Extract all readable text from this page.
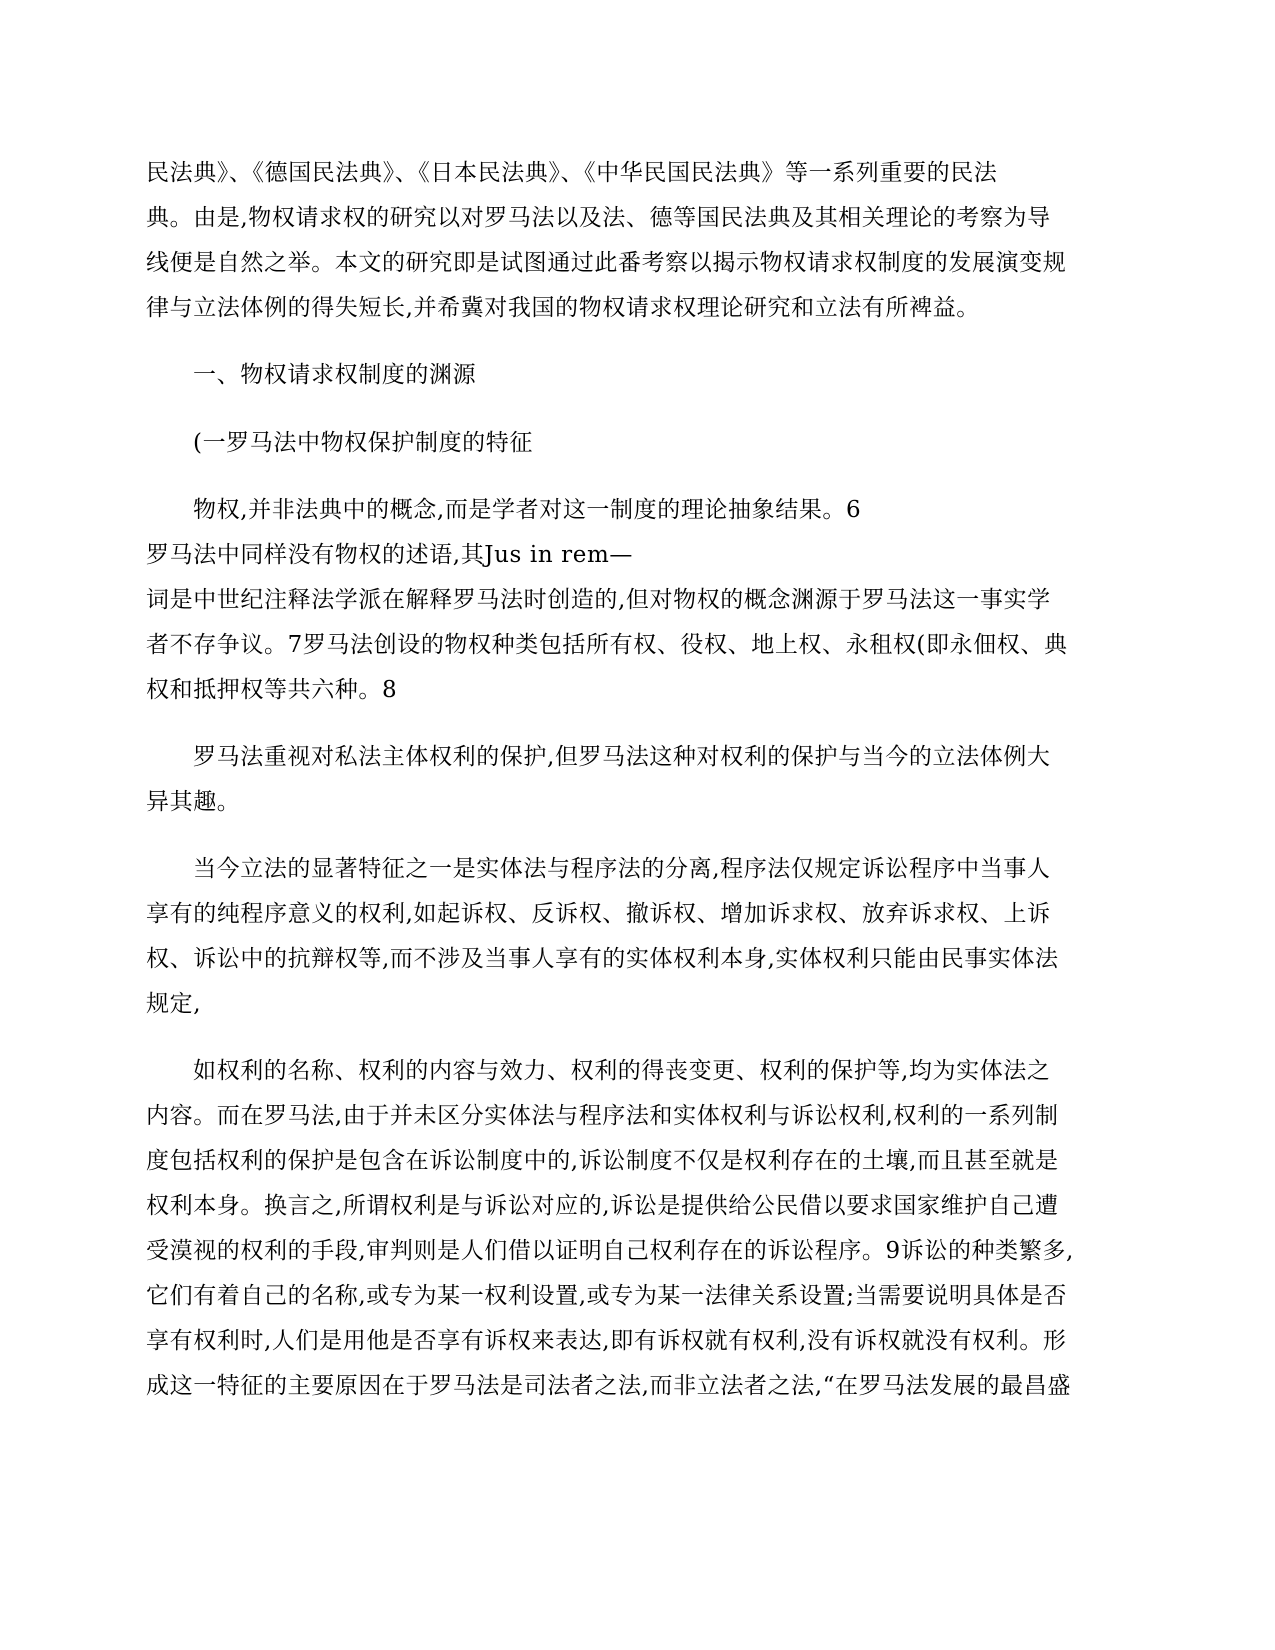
民法典》、《德国民法典》、《日本民法典》、《中华民国民法典》等一系列重要的民法

典。由是,物权请求权的研究以对罗马法以及法、德等国民法典及其相关理论的考察为导

线便是自然之举。本文的研究即是试图通过此番考察以揭示物权请求权制度的发展演变规

律与立法体例的得失短长,并希冀对我国的物权请求权理论研究和立法有所裨益。

一、物权请求权制度的渊源

(一罗马法中物权保护制度的特征

物权,并非法典中的概念,而是学者对这一制度的理论抽象结果。6

罗马法中同样没有物权的述语,其Jus in rem—

词是中世纪注释法学派在解释罗马法时创造的,但对物权的概念渊源于罗马法这一事实学

者不存争议。7罗马法创设的物权种类包括所有权、役权、地上权、永租权(即永佃权、典

权和抵押权等共六种。8

罗马法重视对私法主体权利的保护,但罗马法这种对权利的保护与当今的立法体例大

异其趣。

当今立法的显著特征之一是实体法与程序法的分离,程序法仅规定诉讼程序中当事人

享有的纯程序意义的权利,如起诉权、反诉权、撤诉权、增加诉求权、放弃诉求权、上诉

权、诉讼中的抗辩权等,而不涉及当事人享有的实体权利本身,实体权利只能由民事实体法

规定,

如权利的名称、权利的内容与效力、权利的得丧变更、权利的保护等,均为实体法之

内容。而在罗马法,由于并未区分实体法与程序法和实体权利与诉讼权利,权利的一系列制

度包括权利的保护是包含在诉讼制度中的,诉讼制度不仅是权利存在的土壤,而且甚至就是

权利本身。换言之,所谓权利是与诉讼对应的,诉讼是提供给公民借以要求国家维护自己遭

受漠视的权利的手段,审判则是人们借以证明自己权利存在的诉讼程序。9诉讼的种类繁多,

它们有着自己的名称,或专为某一权利设置,或专为某一法律关系设置;当需要说明具体是否

享有权利时,人们是用他是否享有诉权来表达,即有诉权就有权利,没有诉权就没有权利。形

成这一特征的主要原因在于罗马法是司法者之法,而非立法者之法,“在罗马法发展的最昌盛
